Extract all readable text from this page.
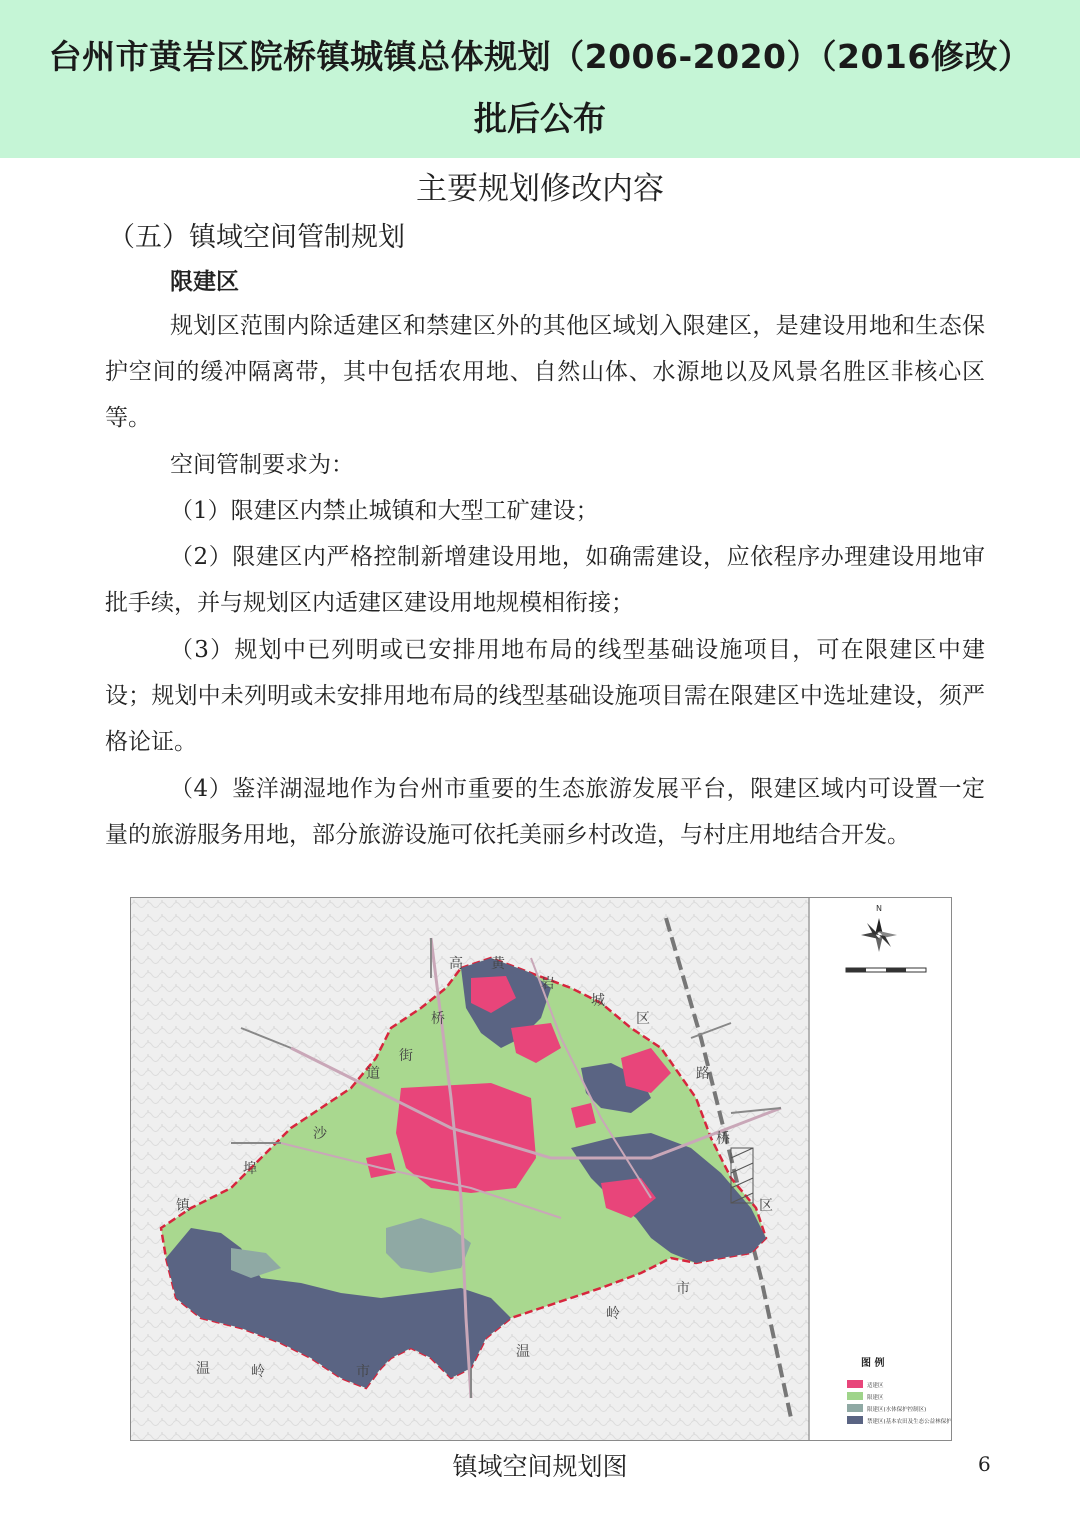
台州市黄岩区院桥镇城镇总体规划（2006-2020）（2016修改）
批后公布
主要规划修改内容
（五）镇域空间管制规划
限建区

规划区范围内除适建区和禁建区外的其他区域划入限建区，是建设用地和生态保护空间的缓冲隔离带，其中包括农用地、自然山体、水源地以及风景名胜区非核心区等。

空间管制要求为：

（1）限建区内禁止城镇和大型工矿建设；

（2）限建区内严格控制新增建设用地，如确需建设，应依程序办理建设用地审批手续，并与规划区内适建区建设用地规模相衔接；

（3）规划中已列明或已安排用地布局的线型基础设施项目，可在限建区中建设；规划中未列明或未安排用地布局的线型基础设施项目需在限建区中选址建设，须严格论证。

（4）鉴洋湖湿地作为台州市重要的生态旅游发展平台，限建区域内可设置一定量的旅游服务用地，部分旅游设施可依托美丽乡村改造，与村庄用地结合开发。

高
桥
街
道
黄
岩
城
区
沙
埠
镇
路
桥
区
温	岭	市
温
岭
市
N
图 例
适建区
限建区
限建区(水体保护控制区)
禁建区(基本农田及生态公益林保护区)
镇域空间规划图	6
